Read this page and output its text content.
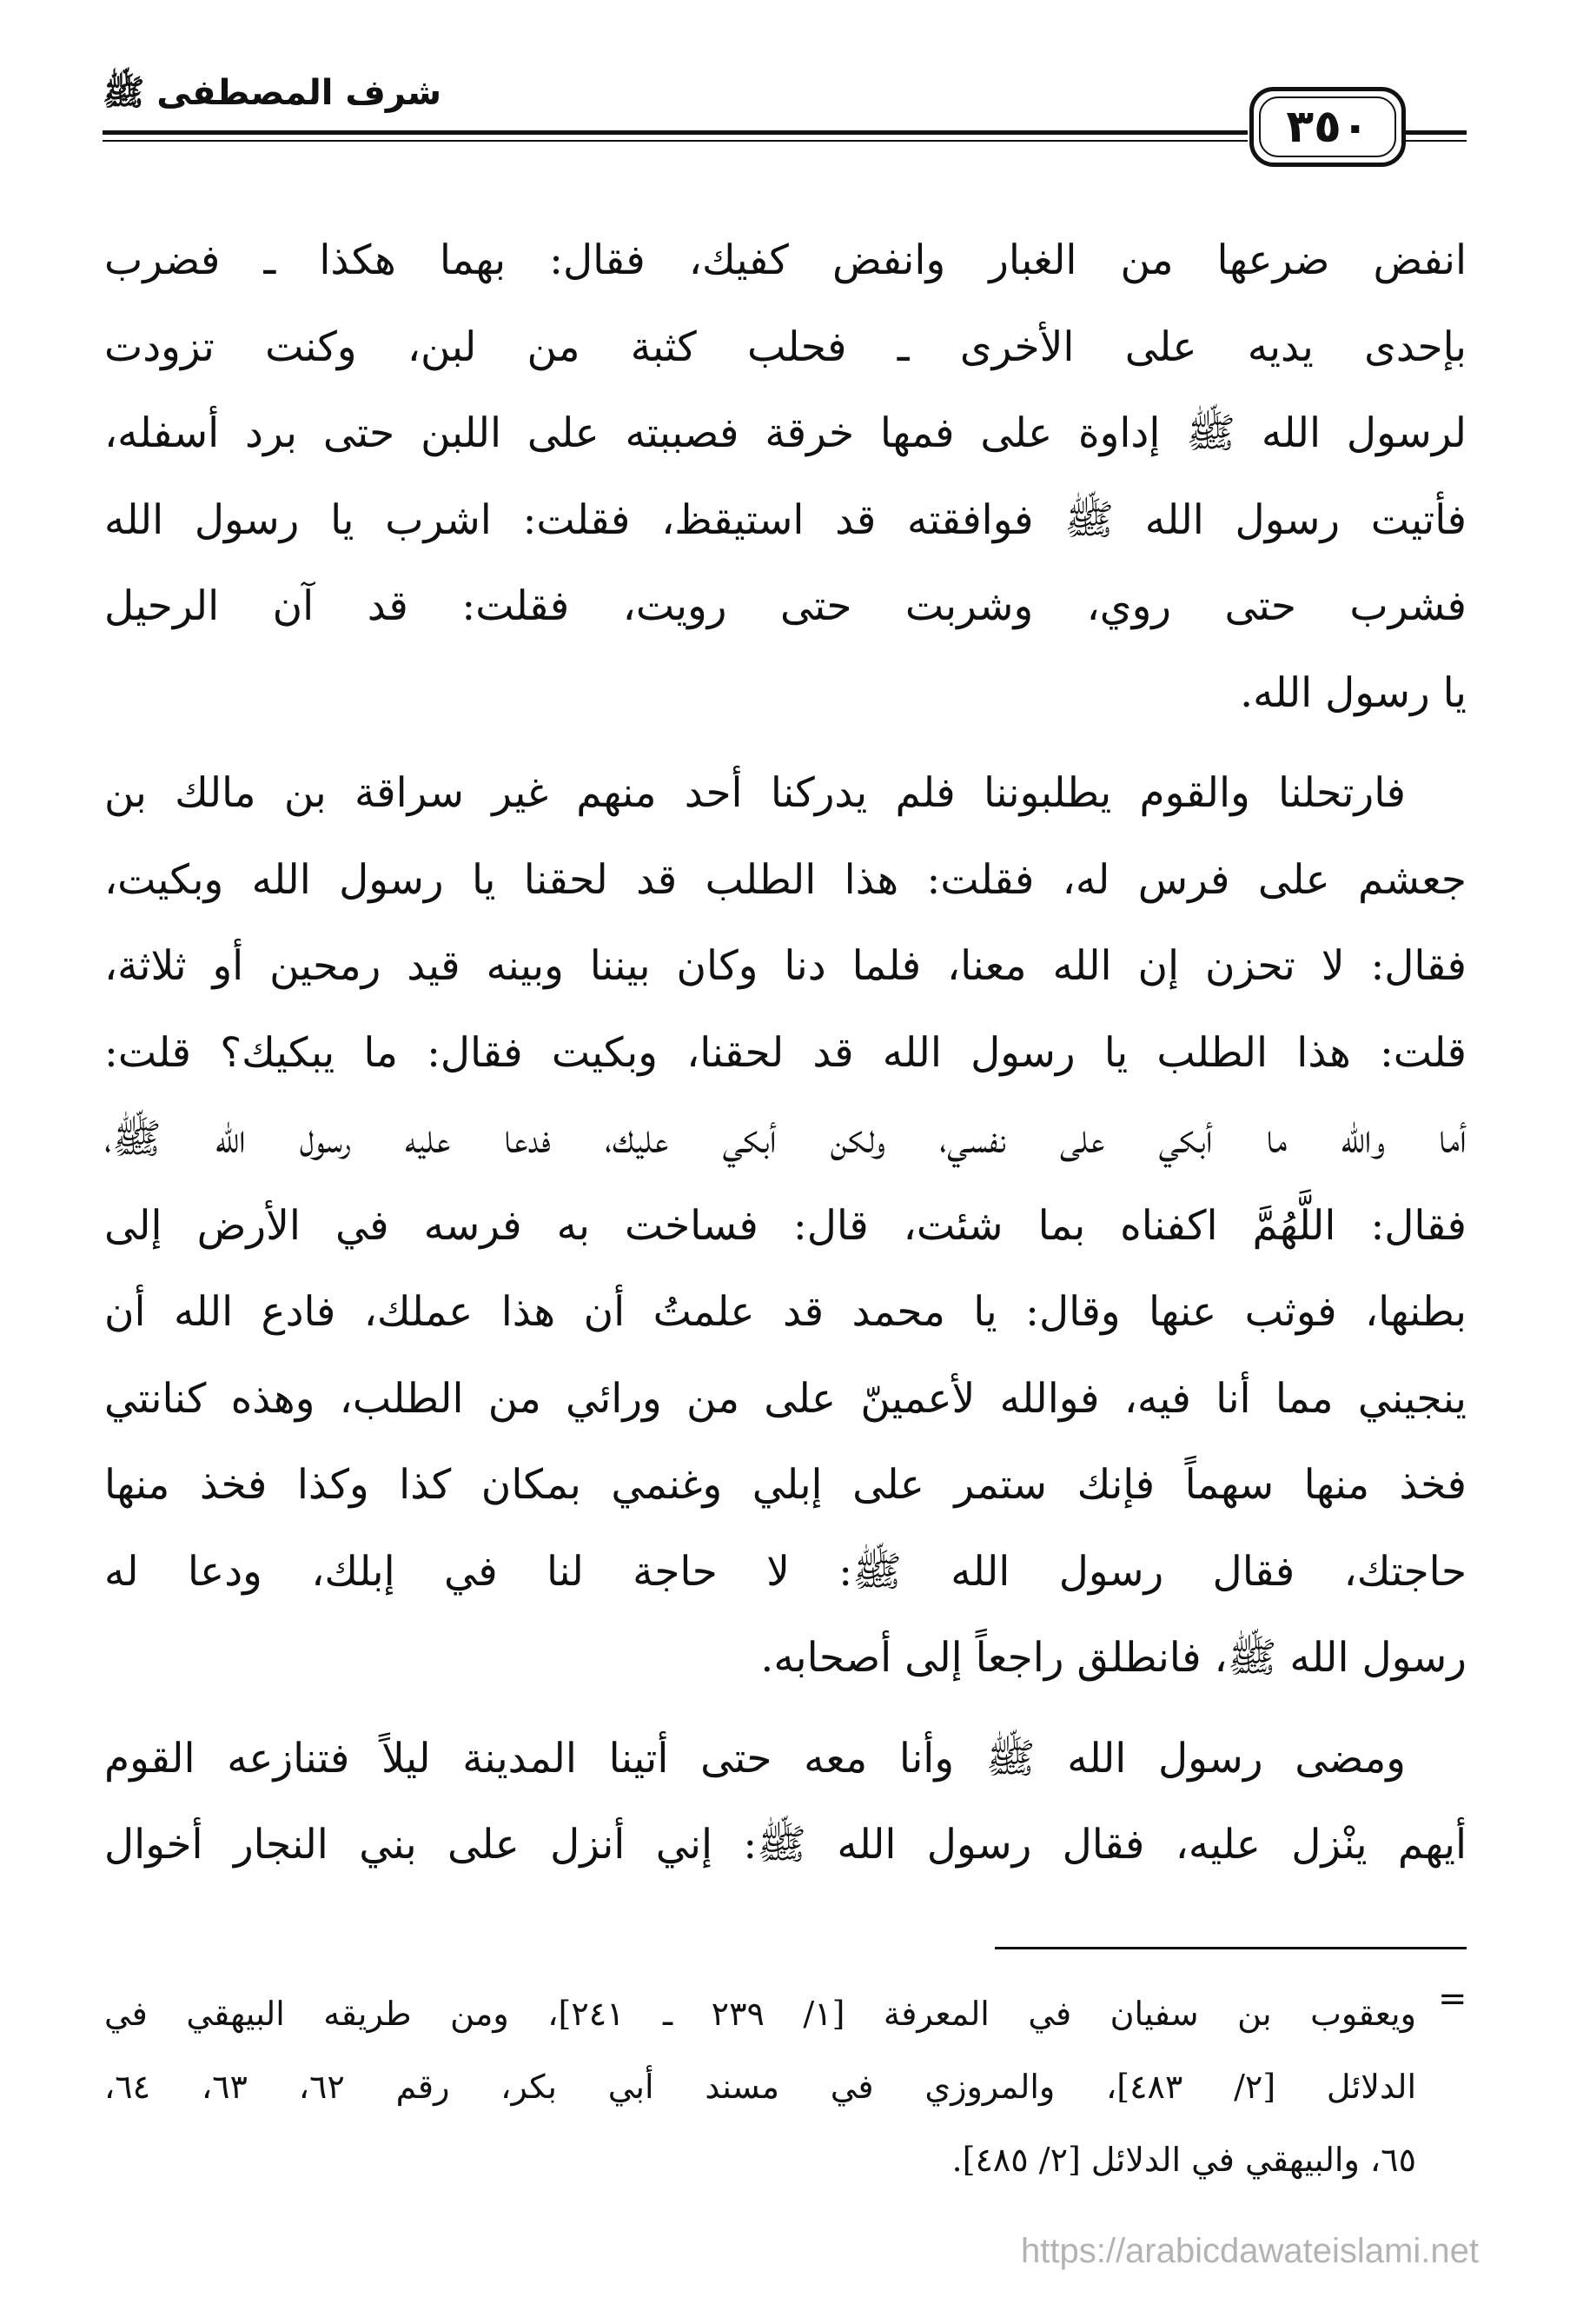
شرف المصطفى ﷺ
٣٥٠

انفض ضرعها من الغبار وانفض كفيك، فقال: بهما هكذا ـ فضرب
بإحدى يديه على الأخرى ـ فحلب كثبة من لبن، وكنت تزودت
لرسول الله ﷺ إداوة على فمها خرقة فصببته على اللبن حتى برد أسفله،
فأتيت رسول الله ﷺ فوافقته قد استيقظ، فقلت: اشرب يا رسول الله
فشرب حتى روي، وشربت حتى رويت، فقلت: قد آن الرحيل
يا رسول الله.

فارتحلنا والقوم يطلبوننا فلم يدركنا أحد منهم غير سراقة بن مالك بن
جعشم على فرس له، فقلت: هذا الطلب قد لحقنا يا رسول الله وبكيت،
فقال: لا تحزن إن الله معنا، فلما دنا وكان بيننا وبينه قيد رمحين أو ثلاثة،
قلت: هذا الطلب يا رسول الله قد لحقنا، وبكيت فقال: ما يبكيك؟ قلت:
أما والله ما أبكي على نفسي، ولكن أبكي عليك، فدعا عليه رسول الله ﷺ،
فقال: اللَّهُمَّ اكفناه بما شئت، قال: فساخت به فرسه في الأرض إلى
بطنها، فوثب عنها وقال: يا محمد قد علمتُ أن هذا عملك، فادع الله أن
ينجيني مما أنا فيه، فوالله لأعمينّ على من ورائي من الطلب، وهذه كنانتي
فخذ منها سهماً فإنك ستمر على إبلي وغنمي بمكان كذا وكذا فخذ منها
حاجتك، فقال رسول الله ﷺ: لا حاجة لنا في إبلك، ودعا له
رسول الله ﷺ، فانطلق راجعاً إلى أصحابه.

ومضى رسول الله ﷺ وأنا معه حتى أتينا المدينة ليلاً فتنازعه القوم
أيهم ينْزل عليه، فقال رسول الله ﷺ: إني أنزل على بني النجار أخوال

=
ويعقوب بن سفيان في المعرفة [١/ ٢٣٩ ـ ٢٤١]، ومن طريقه البيهقي في
الدلائل [٢/ ٤٨٣]، والمروزي في مسند أبي بكر، رقم ٦٢، ٦٣، ٦٤،
٦٥، والبيهقي في الدلائل [٢/ ٤٨٥].
https://arabicdawateislami.net
